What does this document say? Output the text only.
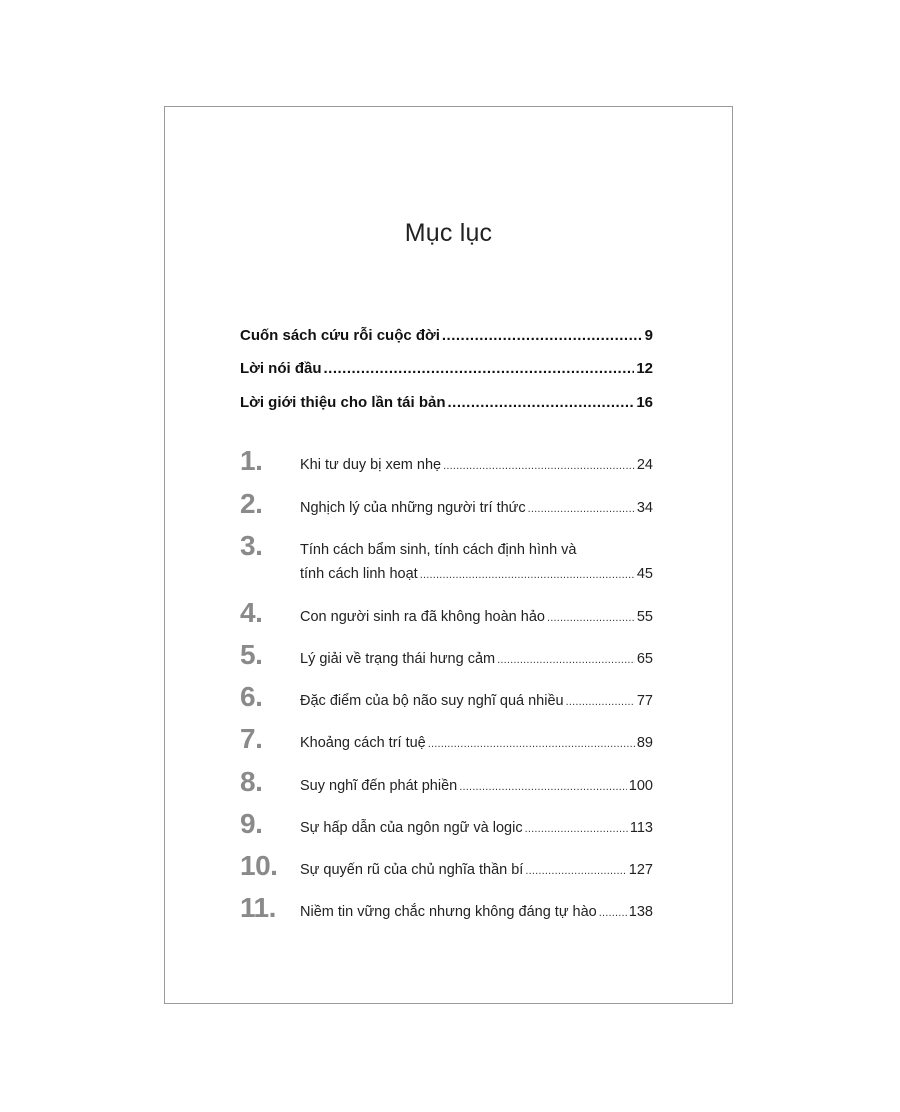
Mục lục
Cuốn sách cứu rỗi cuộc đời .....	9
Lời nói đầu .....	12
Lời giới thiệu cho lần tái bản .....	16
1.	Khi tư duy bị xem nhẹ .....	24
2.	Nghịch lý của những người trí thức .....	34
3.	Tính cách bẩm sinh, tính cách định hình và
tính cách linh hoạt .....	45
4.	Con người sinh ra đã không hoàn hảo .....	55
5.	Lý giải về trạng thái hưng cảm .....	65
6.	Đặc điểm của bộ não suy nghĩ quá nhiều .....	77
7.	Khoảng cách trí tuệ .....	89
8.	Suy nghĩ đến phát phiền .....	100
9.	Sự hấp dẫn của ngôn ngữ và logic .....	113
10. Sự quyến rũ của chủ nghĩa thần bí .....	127
11. Niềm tin vững chắc nhưng không đáng tự hào ..... 138
